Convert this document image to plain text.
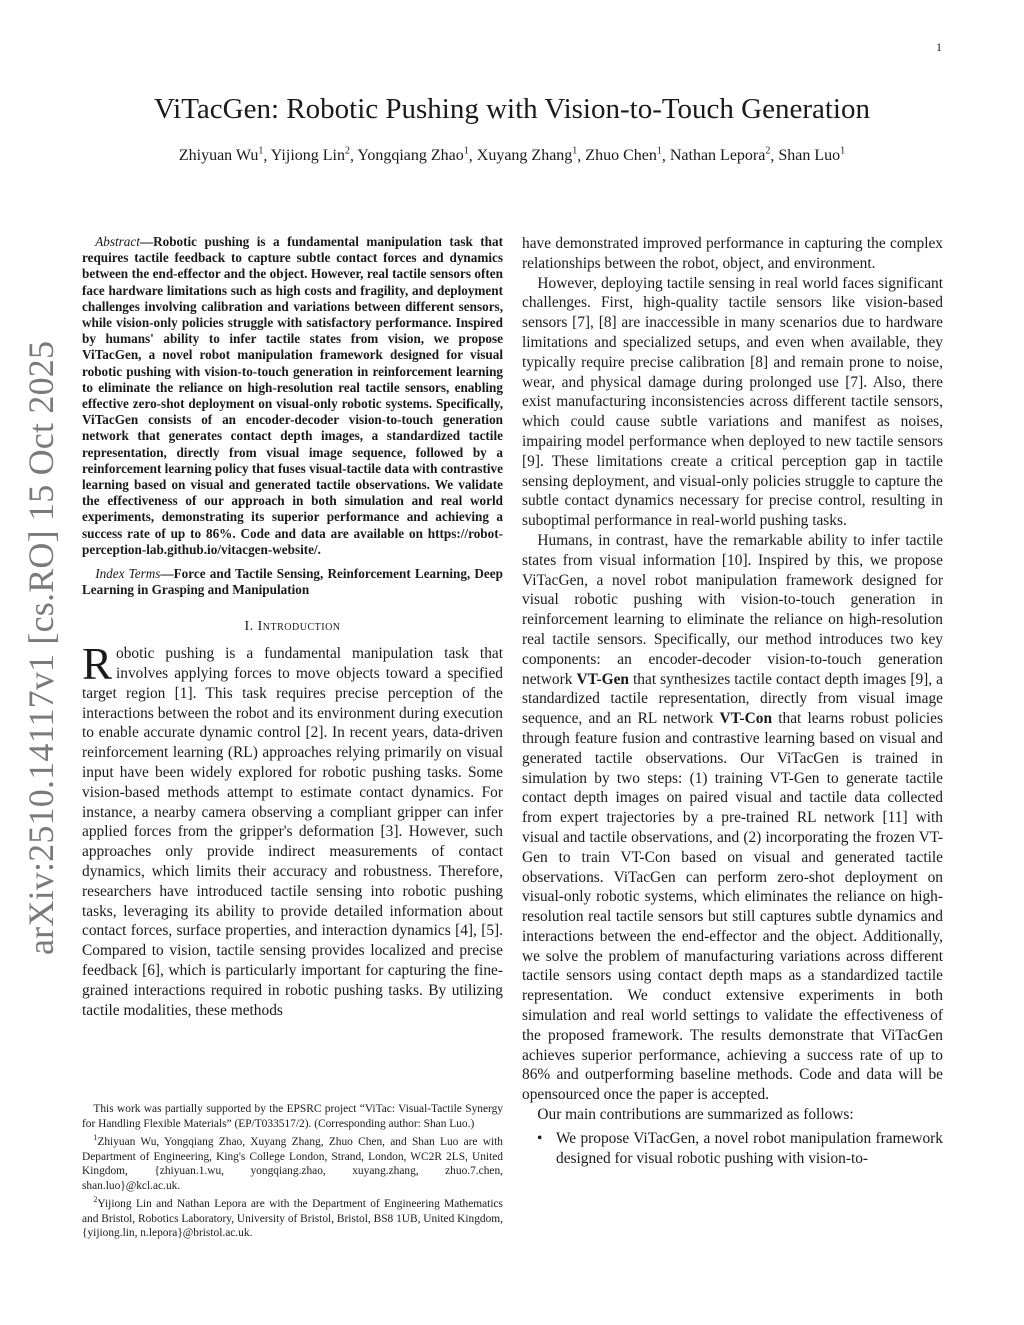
1
arXiv:2510.14117v1 [cs.RO] 15 Oct 2025
ViTacGen: Robotic Pushing with Vision-to-Touch Generation
Zhiyuan Wu$^1$, Yijiong Lin$^2$, Yongqiang Zhao$^1$, Xuyang Zhang$^1$, Zhuo Chen$^1$, Nathan Lepora$^2$, Shan Luo$^1$

Abstract—Robotic pushing is a fundamental manipulation task that requires tactile feedback to capture subtle contact forces and dynamics between the end-effector and the object. However, real tactile sensors often face hardware limitations such as high costs and fragility, and deployment challenges involving calibration and variations between different sensors, while vision-only policies struggle with satisfactory performance. Inspired by humans' ability to infer tactile states from vision, we propose ViTacGen, a novel robot manipulation framework designed for visual robotic pushing with vision-to-touch generation in reinforcement learning to eliminate the reliance on high-resolution real tactile sensors, enabling effective zero-shot deployment on visual-only robotic systems. Specifically, ViTacGen consists of an encoder-decoder vision-to-touch generation network that generates contact depth images, a standardized tactile representation, directly from visual image sequence, followed by a reinforcement learning policy that fuses visual-tactile data with contrastive learning based on visual and generated tactile observations. We validate the effectiveness of our approach in both simulation and real world experiments, demonstrating its superior performance and achieving a success rate of up to 86%. Code and data are available on https://robot-perception-lab.github.io/vitacgen-website/.

Index Terms—Force and Tactile Sensing, Reinforcement Learning, Deep Learning in Grasping and Manipulation

I. Introduction

Robotic pushing is a fundamental manipulation task that involves applying forces to move objects toward a specified target region [1]. This task requires precise perception of the interactions between the robot and its environment during execution to enable accurate dynamic control [2]. In recent years, data-driven reinforcement learning (RL) approaches relying primarily on visual input have been widely explored for robotic pushing tasks. Some vision-based methods attempt to estimate contact dynamics. For instance, a nearby camera observing a compliant gripper can infer applied forces from the gripper's deformation [3]. However, such approaches only provide indirect measurements of contact dynamics, which limits their accuracy and robustness. Therefore, researchers have introduced tactile sensing into robotic pushing tasks, leveraging its ability to provide detailed information about contact forces, surface properties, and interaction dynamics [4], [5]. Compared to vision, tactile sensing provides localized and precise feedback [6], which is particularly important for capturing the fine-grained interactions required in robotic pushing tasks. By utilizing tactile modalities, these methods

This work was partially supported by the EPSRC project “ViTac: Visual-Tactile Synergy for Handling Flexible Materials” (EP/T033517/2). (Corresponding author: Shan Luo.)

$^1$Zhiyuan Wu, Yongqiang Zhao, Xuyang Zhang, Zhuo Chen, and Shan Luo are with Department of Engineering, King's College London, Strand, London, WC2R 2LS, United Kingdom, {zhiyuan.1.wu, yongqiang.zhao, xuyang.zhang, zhuo.7.chen, shan.luo}@kcl.ac.uk.

$^2$Yijiong Lin and Nathan Lepora are with the Department of Engineering Mathematics and Bristol, Robotics Laboratory, University of Bristol, Bristol, BS8 1UB, United Kingdom, {yijiong.lin, n.lepora}@bristol.ac.uk.

have demonstrated improved performance in capturing the complex relationships between the robot, object, and environment.

However, deploying tactile sensing in real world faces significant challenges. First, high-quality tactile sensors like vision-based sensors [7], [8] are inaccessible in many scenarios due to hardware limitations and specialized setups, and even when available, they typically require precise calibration [8] and remain prone to noise, wear, and physical damage during prolonged use [7]. Also, there exist manufacturing inconsistencies across different tactile sensors, which could cause subtle variations and manifest as noises, impairing model performance when deployed to new tactile sensors [9]. These limitations create a critical perception gap in tactile sensing deployment, and visual-only policies struggle to capture the subtle contact dynamics necessary for precise control, resulting in suboptimal performance in real-world pushing tasks.

Humans, in contrast, have the remarkable ability to infer tactile states from visual information [10]. Inspired by this, we propose ViTacGen, a novel robot manipulation framework designed for visual robotic pushing with vision-to-touch generation in reinforcement learning to eliminate the reliance on high-resolution real tactile sensors. Specifically, our method introduces two key components: an encoder-decoder vision-to-touch generation network VT-Gen that synthesizes tactile contact depth images [9], a standardized tactile representation, directly from visual image sequence, and an RL network VT-Con that learns robust policies through feature fusion and contrastive learning based on visual and generated tactile observations. Our ViTacGen is trained in simulation by two steps: (1) training VT-Gen to generate tactile contact depth images on paired visual and tactile data collected from expert trajectories by a pre-trained RL network [11] with visual and tactile observations, and (2) incorporating the frozen VT-Gen to train VT-Con based on visual and generated tactile observations. ViTacGen can perform zero-shot deployment on visual-only robotic systems, which eliminates the reliance on high-resolution real tactile sensors but still captures subtle dynamics and interactions between the end-effector and the object. Additionally, we solve the problem of manufacturing variations across different tactile sensors using contact depth maps as a standardized tactile representation. We conduct extensive experiments in both simulation and real world settings to validate the effectiveness of the proposed framework. The results demonstrate that ViTacGen achieves superior performance, achieving a success rate of up to 86% and outperforming baseline methods. Code and data will be opensourced once the paper is accepted.

Our main contributions are summarized as follows:

• We propose ViTacGen, a novel robot manipulation framework designed for visual robotic pushing with vision-to-
